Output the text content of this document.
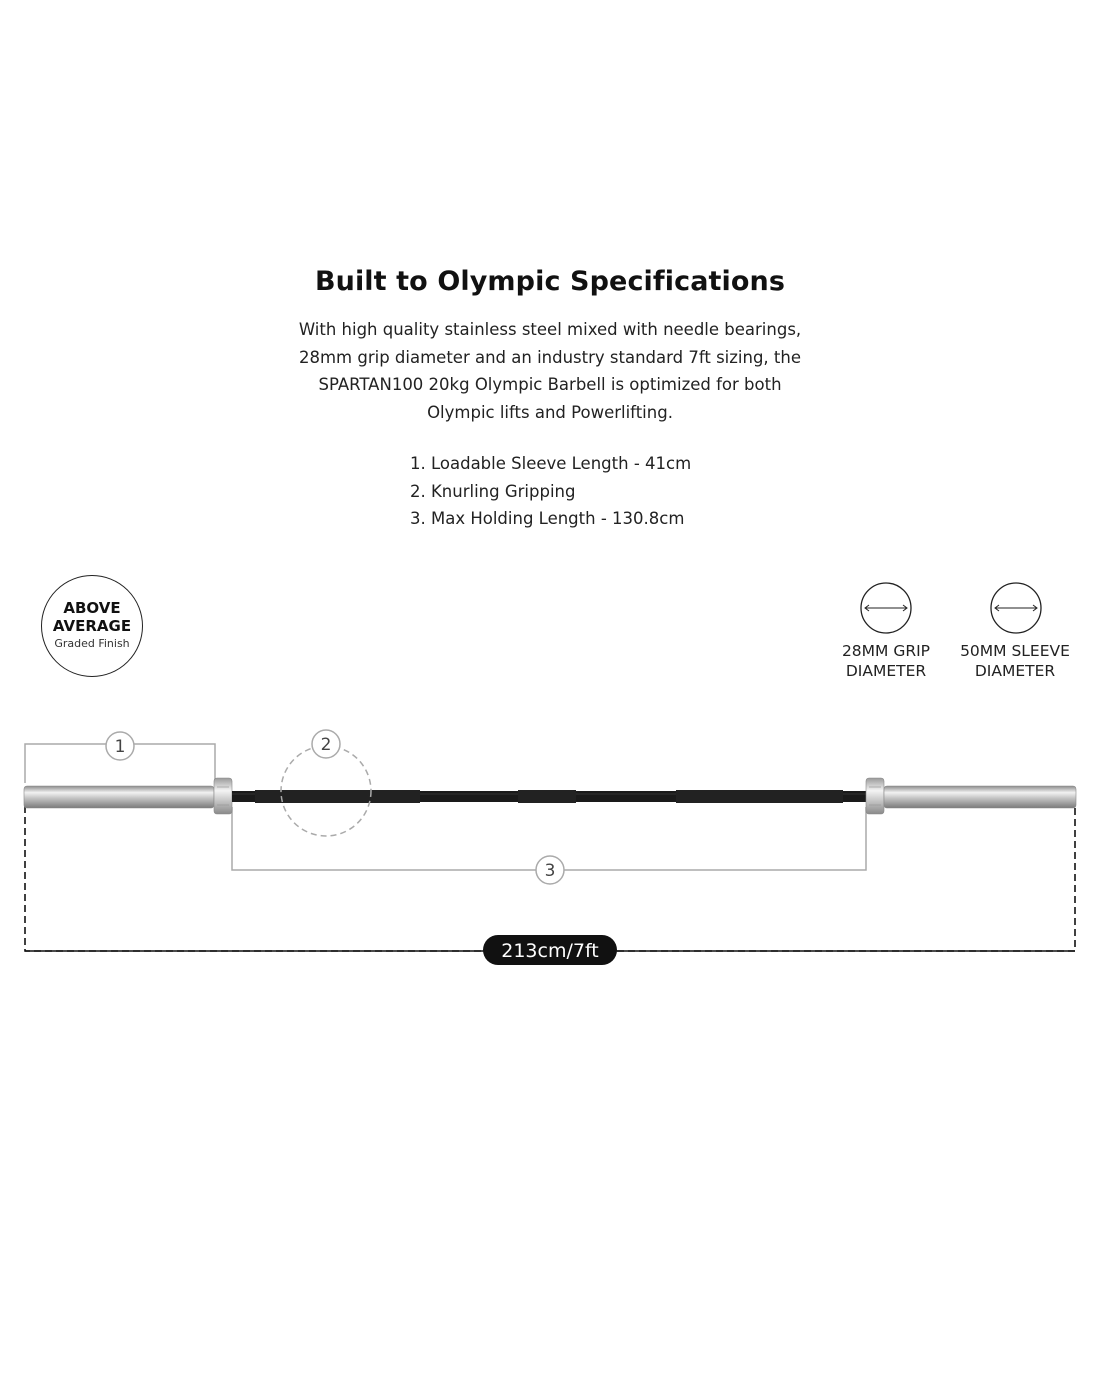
Built to Olympic Specifications

With high quality stainless steel mixed with needle bearings, 28mm grip diameter and an industry standard 7ft sizing, the SPARTAN100 20kg Olympic Barbell is optimized for both Olympic lifts and Powerlifting.

1. Loadable Sleeve Length - 41cm
2. Knurling Gripping
3. Max Holding Length - 130.8cm
ABOVE
AVERAGE
Graded Finish	28MM GRIP
DIAMETER
50MM SLEEVE
DIAMETER
1	2
3
213cm/7ft
